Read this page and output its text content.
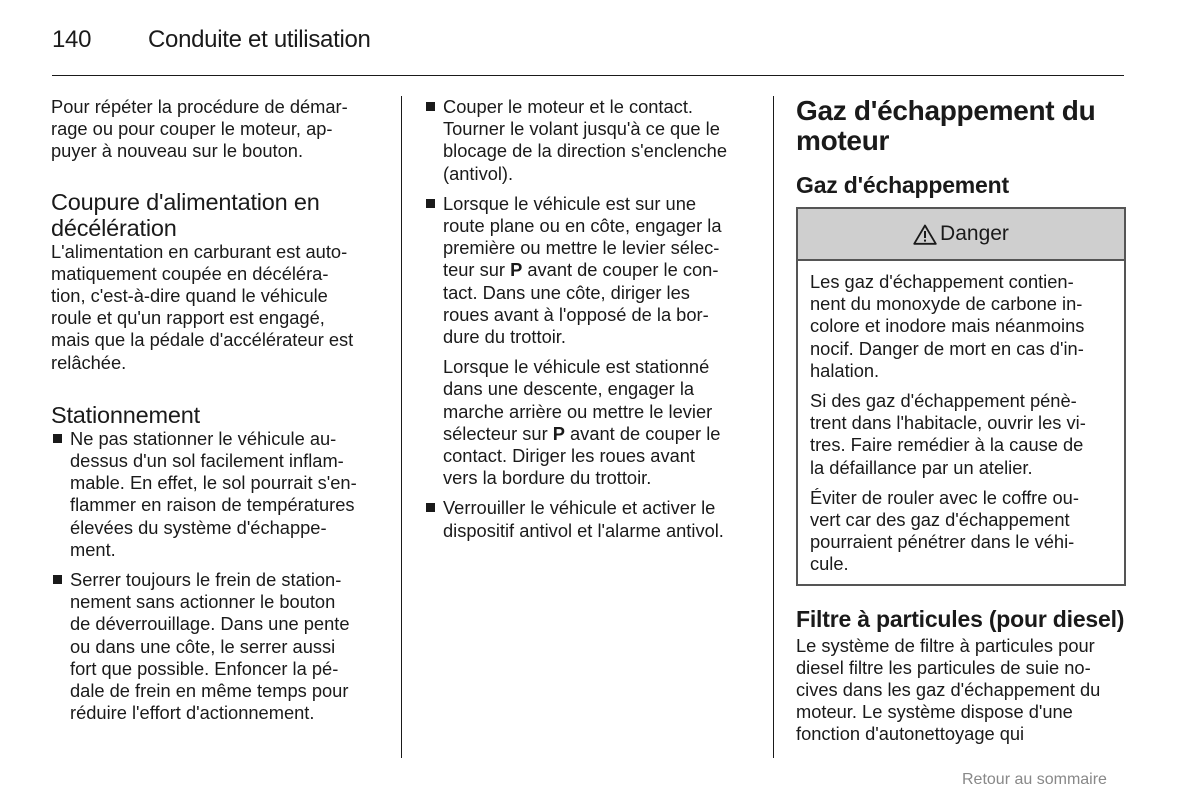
140 Conduite et utilisation

Pour répéter la procédure de démar-
rage ou pour couper le moteur, ap-
puyer à nouveau sur le bouton.

Coupure d'alimentation en
décélération

L'alimentation en carburant est auto-
matiquement coupée en décéléra-
tion, c'est-à-dire quand le véhicule
roule et qu'un rapport est engagé,
mais que la pédale d'accélérateur est
relâchée.

Stationnement
Ne pas stationner le véhicule au-
dessus d'un sol facilement inflam-
mable. En effet, le sol pourrait s'en-
flammer en raison de températures
élevées du système d'échappe-
ment.
Serrer toujours le frein de station-
nement sans actionner le bouton
de déverrouillage. Dans une pente
ou dans une côte, le serrer aussi
fort que possible. Enfoncer la pé-
dale de frein en même temps pour
réduire l'effort d'actionnement.
Couper le moteur et le contact.
Tourner le volant jusqu'à ce que le
blocage de la direction s'enclenche
(antivol).
Lorsque le véhicule est sur une
route plane ou en côte, engager la
première ou mettre le levier sélec-
teur sur P avant de couper le con-
tact. Dans une côte, diriger les
roues avant à l'opposé de la bor-
dure du trottoir.

Lorsque le véhicule est stationné
dans une descente, engager la
marche arrière ou mettre le levier
sélecteur sur P avant de couper le
contact. Diriger les roues avant
vers la bordure du trottoir.

Verrouiller le véhicule et activer le
dispositif antivol et l'alarme antivol.
Gaz d'échappement du
moteur
Gaz d'échappement
Danger

Les gaz d'échappement contien-
nent du monoxyde de carbone in-
colore et inodore mais néanmoins
nocif. Danger de mort en cas d'in-
halation.

Si des gaz d'échappement pénè-
trent dans l'habitacle, ouvrir les vi-
tres. Faire remédier à la cause de
la défaillance par un atelier.

Éviter de rouler avec le coffre ou-
vert car des gaz d'échappement
pourraient pénétrer dans le véhi-
cule.

Filtre à particules (pour diesel)

Le système de filtre à particules pour
diesel filtre les particules de suie no-
cives dans les gaz d'échappement du
moteur. Le système dispose d'une
fonction d'autonettoyage qui

Retour au sommaire
